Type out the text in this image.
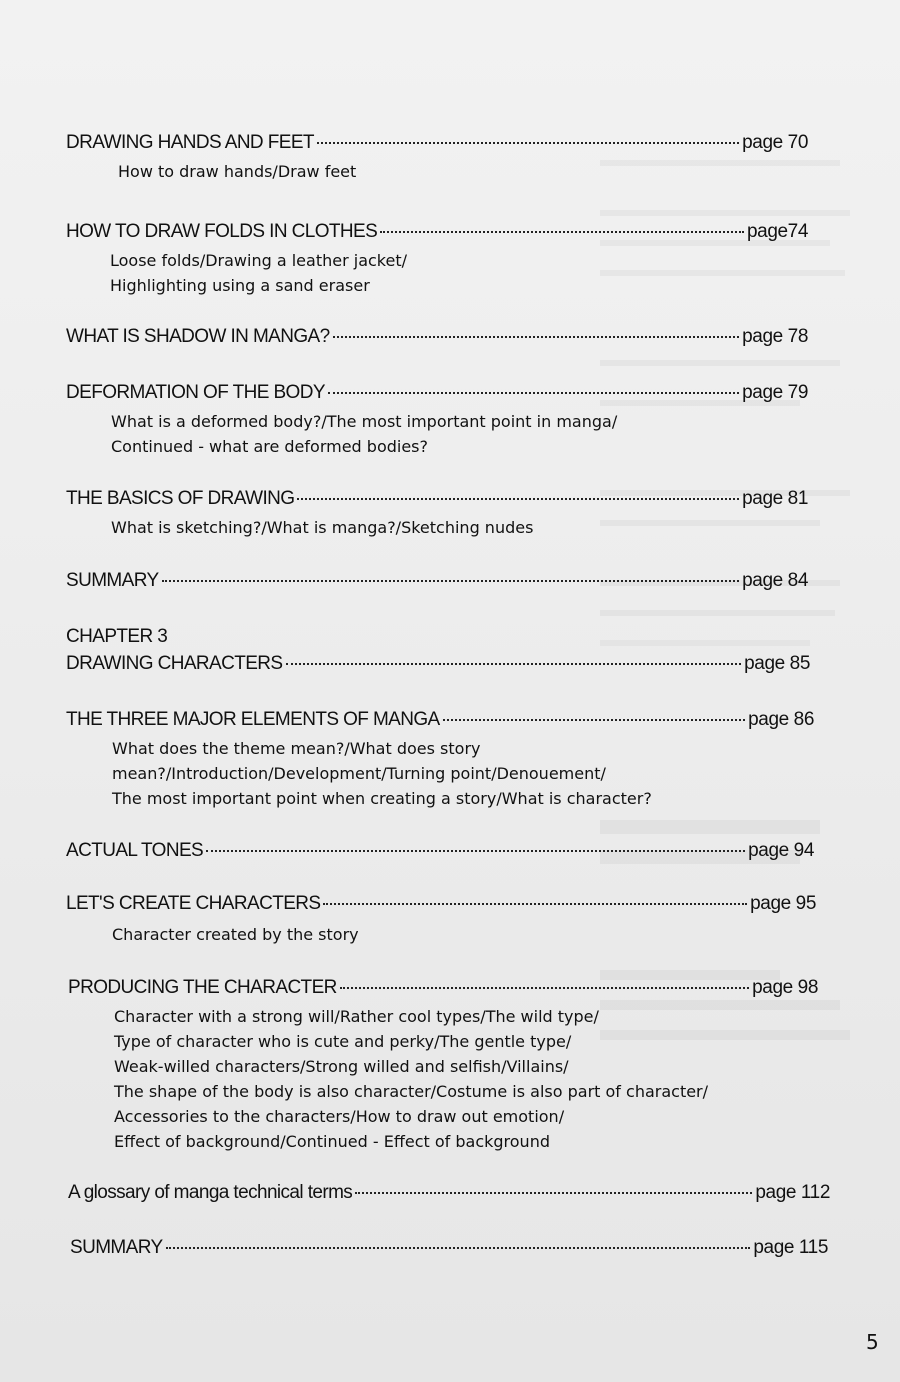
DRAWING HANDS AND FEET	page 70
How to draw hands/Draw feet
HOW TO DRAW FOLDS IN CLOTHES	page74
Loose folds/Drawing a leather jacket/
Highlighting using a sand eraser
WHAT IS SHADOW IN MANGA?	page 78
DEFORMATION OF THE BODY	page 79
What is a deformed body?/The most important point in manga/
Continued - what are deformed bodies?
THE BASICS OF DRAWING	page 81
What is sketching?/What is manga?/Sketching nudes
SUMMARY	page 84
CHAPTER 3
DRAWING CHARACTERS	page 85
THE THREE MAJOR ELEMENTS OF MANGA	page 86
What does the theme mean?/What does story
mean?/Introduction/Development/Turning point/Denouement/
The most important point when creating a story/What is character?
ACTUAL TONES	page 94
LET'S CREATE CHARACTERS	page 95
Character created by the story
PRODUCING THE CHARACTER	page 98
Character with a strong will/Rather cool types/The wild type/
Type of character who is cute and perky/The gentle type/
Weak-willed characters/Strong willed and selfish/Villains/
The shape of the body is also character/Costume is also part of character/
Accessories to the characters/How to draw out emotion/
Effect of background/Continued - Effect of background
A glossary of manga technical terms	page 112
SUMMARY	page 115
5
